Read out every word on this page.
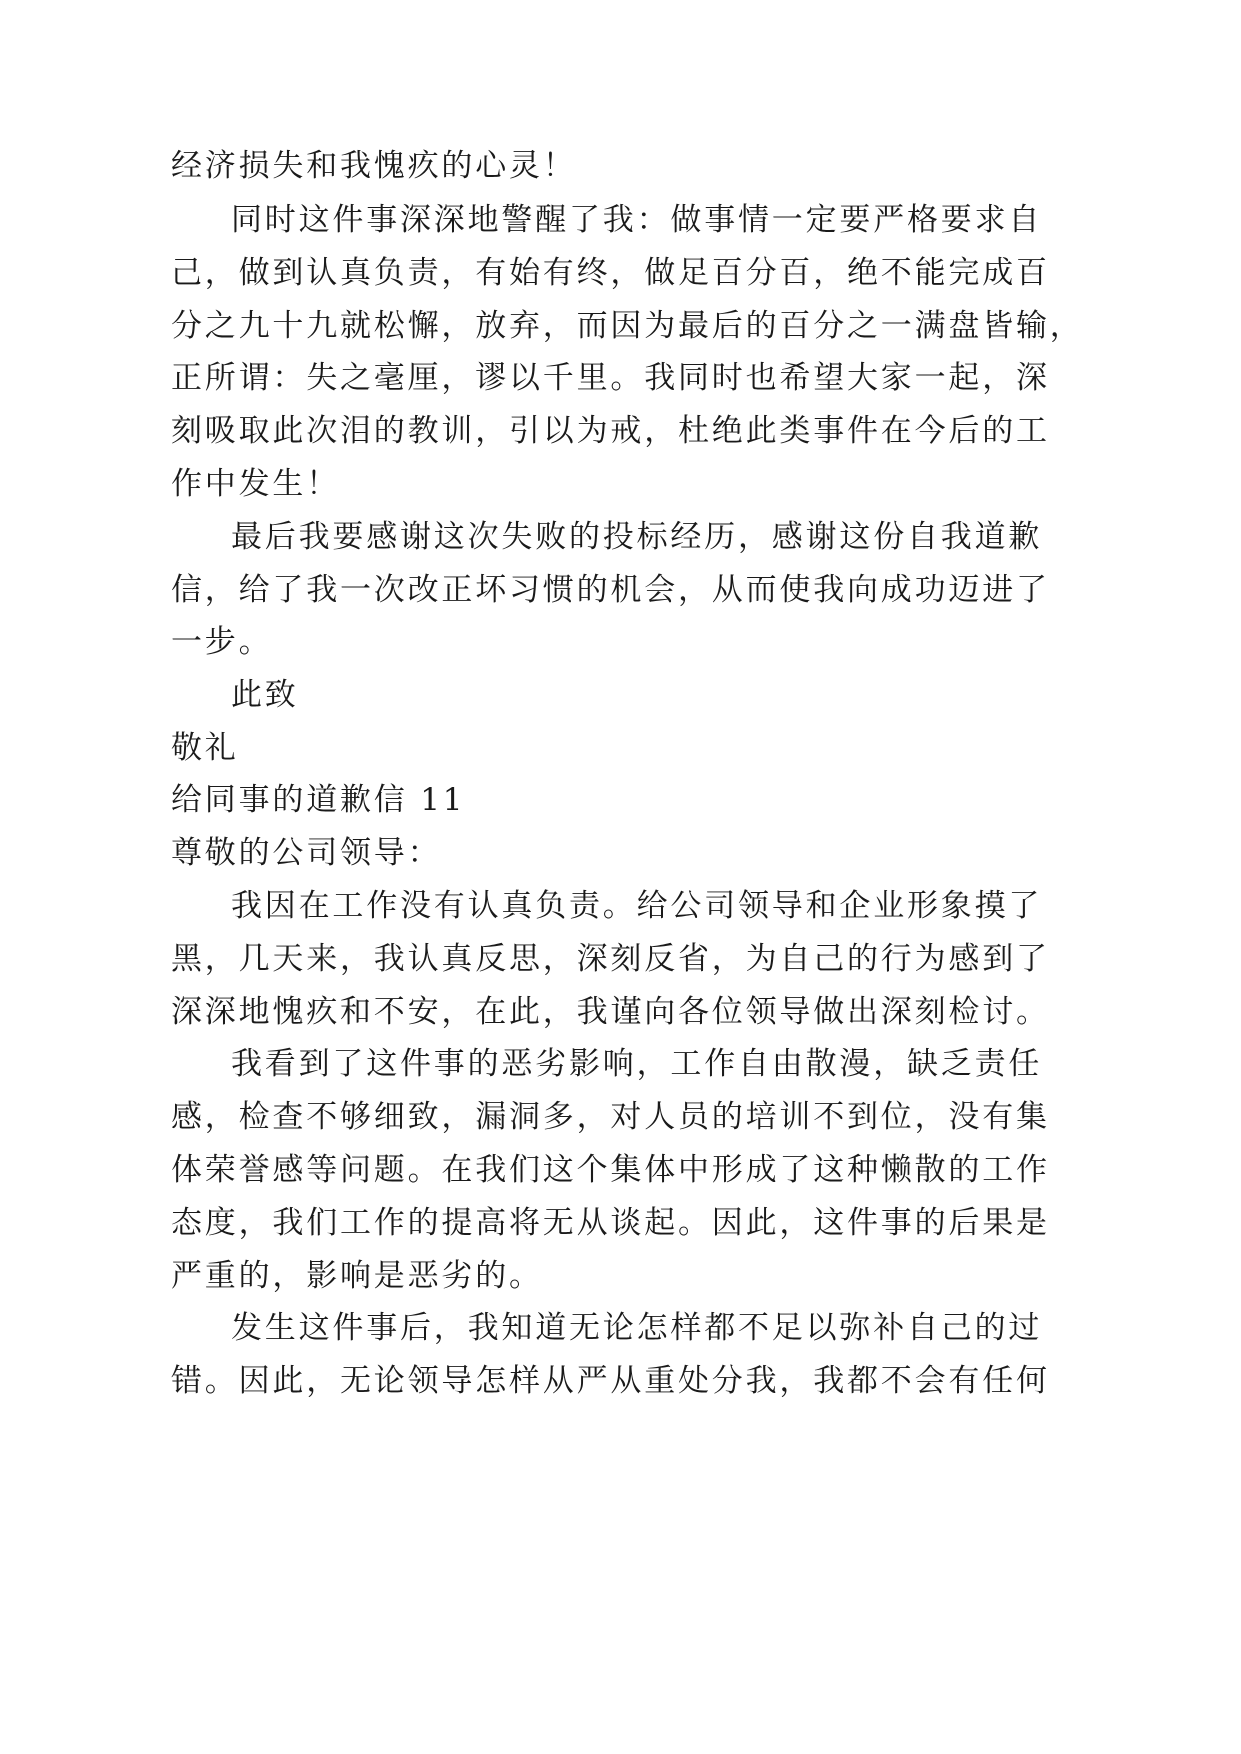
经济损失和我愧疚的心灵！
同时这件事深深地警醒了我：做事情一定要严格要求自
己，做到认真负责，有始有终，做足百分百，绝不能完成百
分之九十九就松懈，放弃，而因为最后的百分之一满盘皆输，
正所谓：失之毫厘，谬以千里。我同时也希望大家一起，深
刻吸取此次泪的教训，引以为戒，杜绝此类事件在今后的工
作中发生！
最后我要感谢这次失败的投标经历，感谢这份自我道歉
信，给了我一次改正坏习惯的机会，从而使我向成功迈进了
一步。
此致
敬礼
给同事的道歉信 11
尊敬的公司领导：
我因在工作没有认真负责。给公司领导和企业形象摸了
黑，几天来，我认真反思，深刻反省，为自己的行为感到了
深深地愧疚和不安，在此，我谨向各位领导做出深刻检讨。
我看到了这件事的恶劣影响，工作自由散漫，缺乏责任
感，检查不够细致，漏洞多，对人员的培训不到位，没有集
体荣誉感等问题。在我们这个集体中形成了这种懒散的工作
态度，我们工作的提高将无从谈起。因此，这件事的后果是
严重的，影响是恶劣的。
发生这件事后，我知道无论怎样都不足以弥补自己的过
错。因此，无论领导怎样从严从重处分我，我都不会有任何
